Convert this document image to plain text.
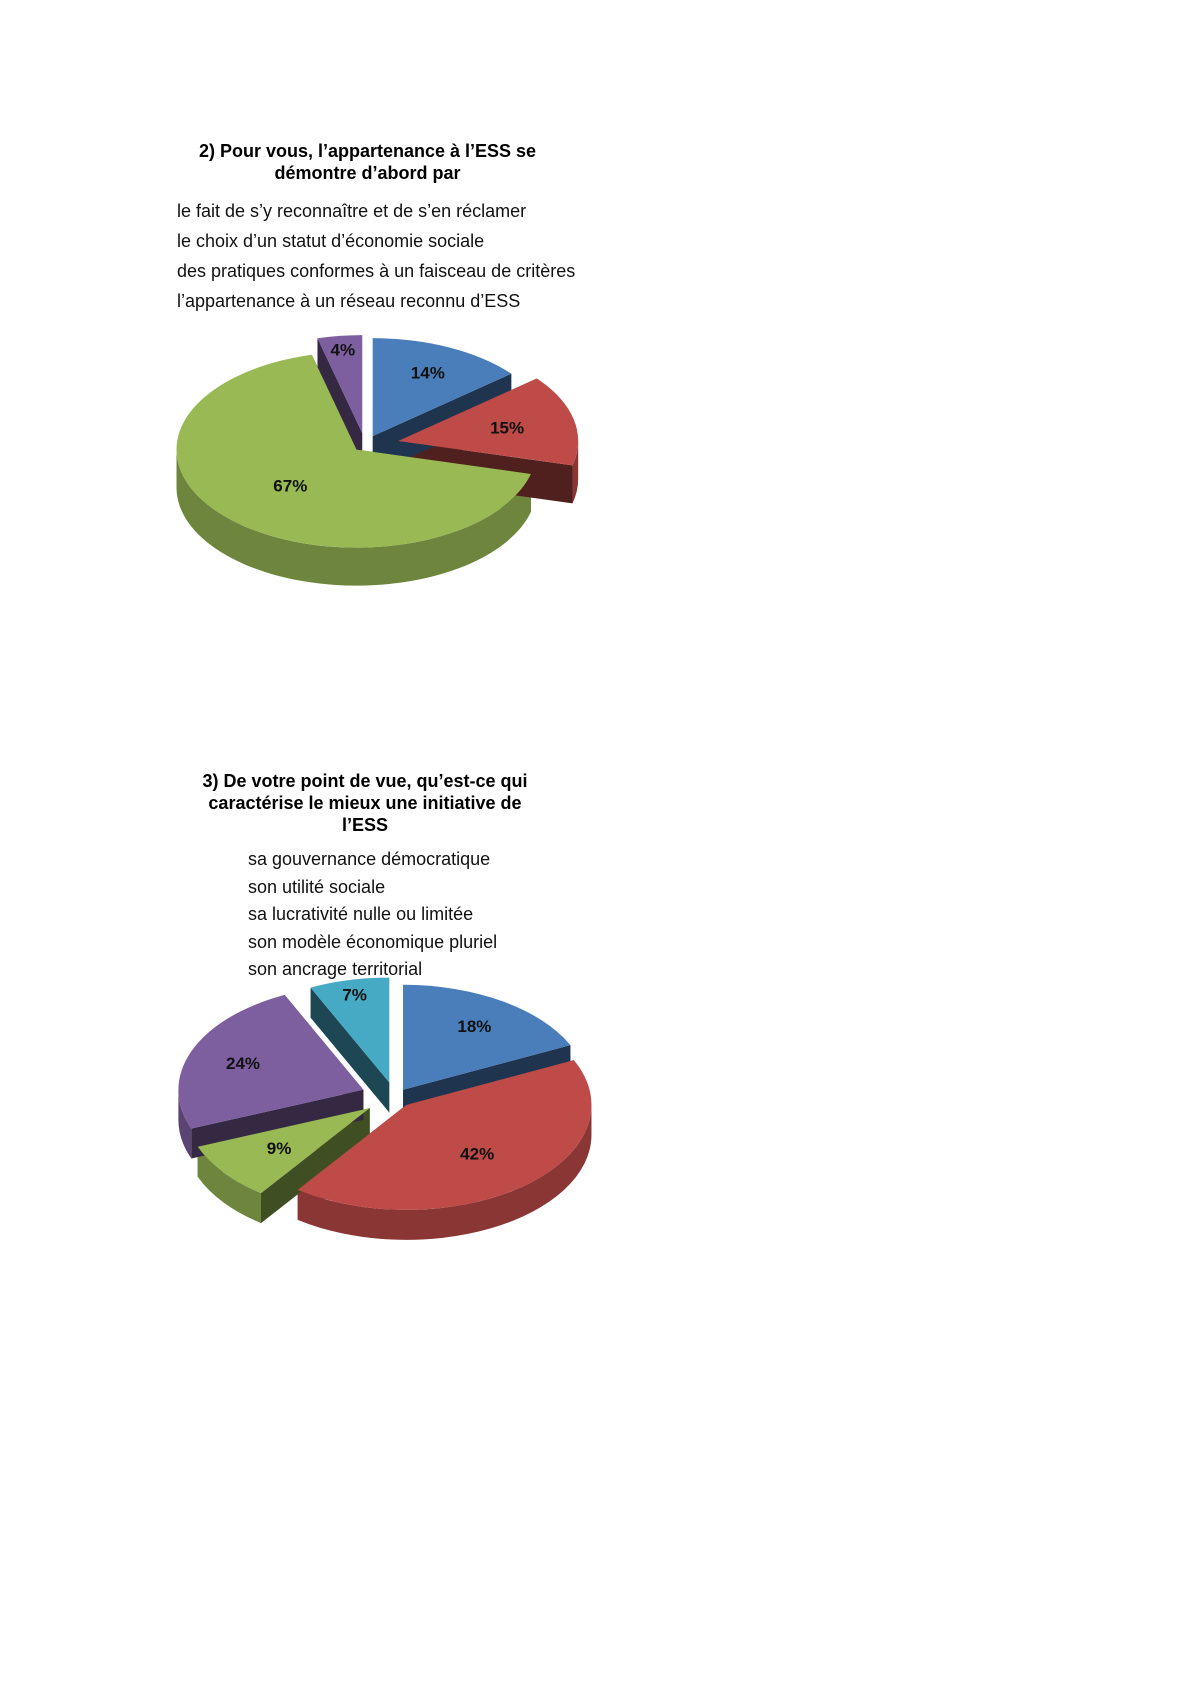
2) Pour vous, l’appartenance à l’ESS se
démontre d’abord par
le fait de s’y reconnaître et de s’en réclamer
le choix d’un statut d’économie sociale
des pratiques conformes à un faisceau de critères
l’appartenance à un réseau reconnu d’ESS
14%
15%
67%
4%
3) De votre point de vue, qu’est-ce qui
caractérise le mieux une initiative de
l’ESS
sa gouvernance démocratique
son utilité sociale
sa lucrativité nulle ou limitée
son modèle économique pluriel
son ancrage territorial
18%
42%
9%
24%
7%
